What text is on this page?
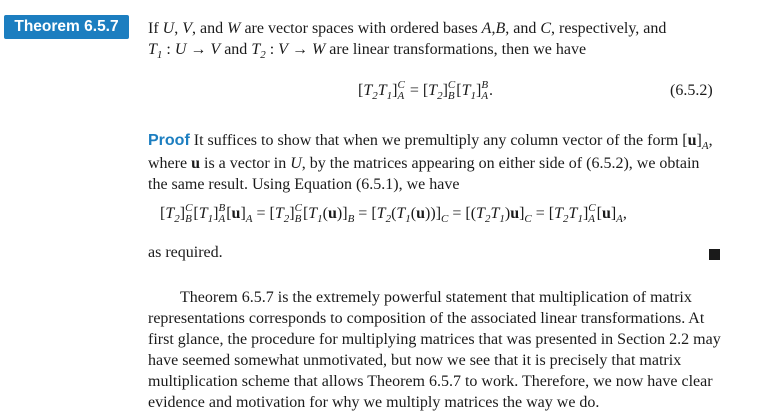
Theorem 6.5.7	If U, V, and W are vector spaces with ordered bases A,B, and C, respectively, and
$T_1$ : U → V and $T_2$ : V → W are linear transformations, then we have
$[T_2T_1]C$
$A = [T_2]C$
B $[T_1]B$
A.	(6.5.2)
Proof It suffices to show that when we premultiply any column vector of the form $[u]_A$,
where u is a vector in U, by the matrices appearing on either side of (6.5.2), we obtain
the same result. Using Equation (6.5.1), we have
$[T_2]C$
B $[T_1]B$
$A[u]_A = [T_2]C$
B $[T_1(u)]_B = [T_2(T_1(u))]_C = [(T_2T_1)u]_C = [T_2T_1]C$
A $[u]_A$,
as required.
Theorem 6.5.7 is the extremely powerful statement that multiplication of matrix representations corresponds to composition of the associated linear transformations. At first glance, the procedure for multiplying matrices that was presented in Section 2.2 may have seemed somewhat unmotivated, but now we see that it is precisely that matrix multiplication scheme that allows Theorem 6.5.7 to work. Therefore, we now have clear evidence and motivation for why we multiply matrices the way we do.
